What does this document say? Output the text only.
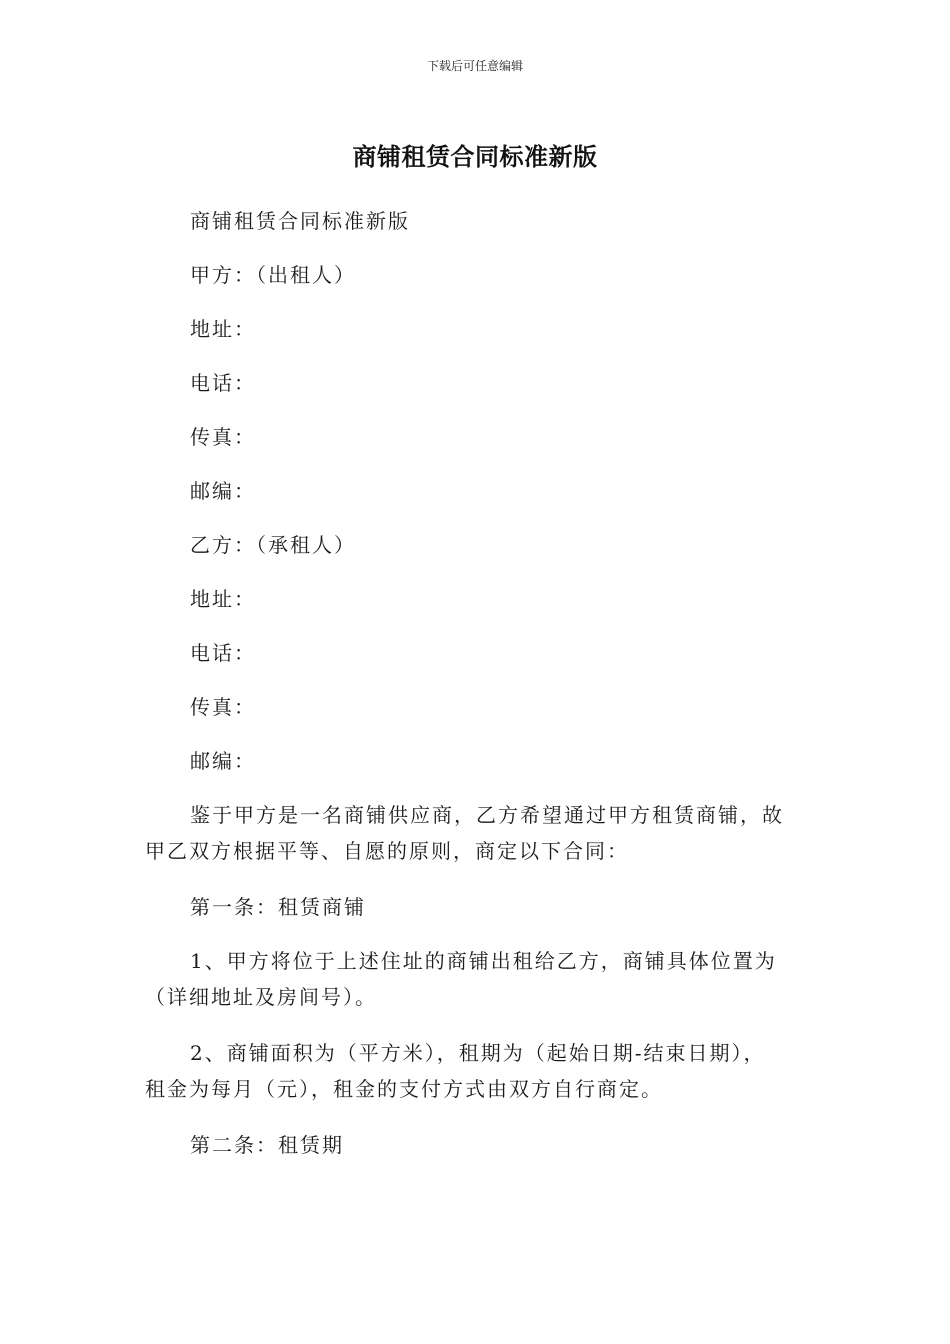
下载后可任意编辑
商铺租赁合同标准新版
商铺租赁合同标准新版
甲方：（出租人）
地址：
电话：
传真：
邮编：
乙方：（承租人）
地址：
电话：
传真：
邮编：
鉴于甲方是一名商铺供应商，乙方希望通过甲方租赁商铺，故
甲乙双方根据平等、自愿的原则，商定以下合同：
第一条：租赁商铺
1、甲方将位于上述住址的商铺出租给乙方，商铺具体位置为
（详细地址及房间号）。
2、商铺面积为（平方米），租期为（起始日期-结束日期），
租金为每月（元），租金的支付方式由双方自行商定。
第二条：租赁期
